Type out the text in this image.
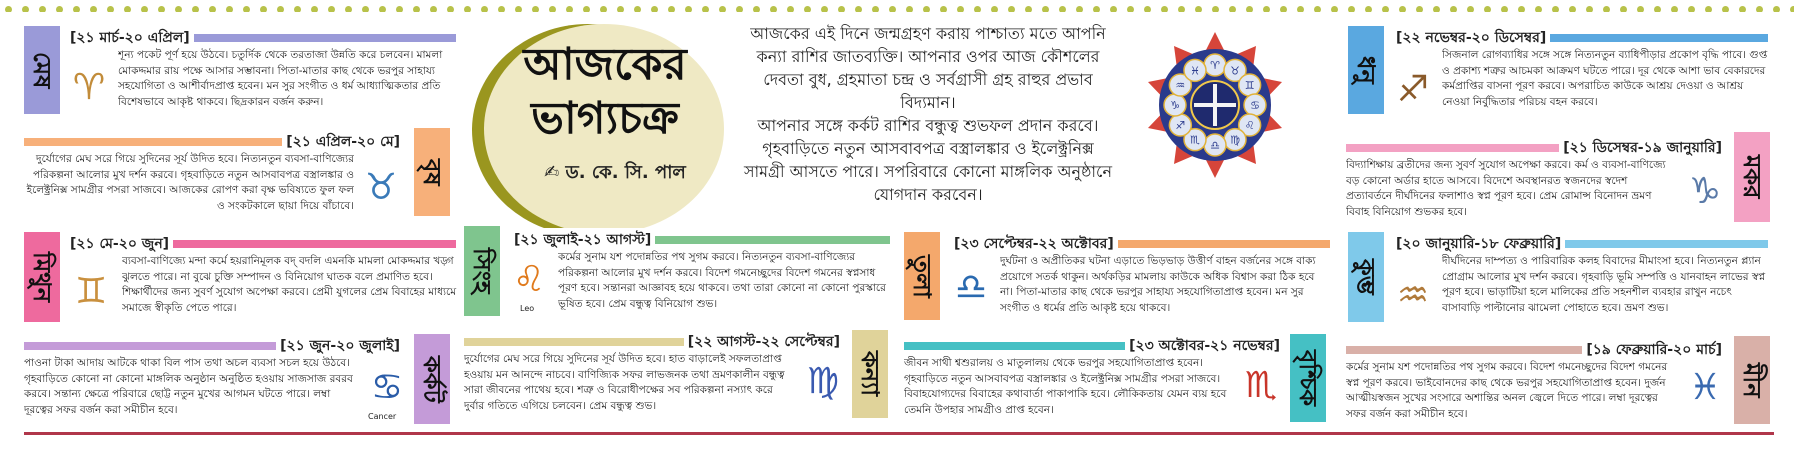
মেষ
[২১ মার্চ-২০ এপ্রিল]
♈
শূন্য পকেট পূর্ণ হয়ে উঠবে। চতুর্দিক থেকে তরতাজা উন্নতি করে চলবেন। মামলা মোকদ্দমার রায় পক্ষে আসার সম্ভাবনা। পিতা-মাতার কাছ থেকে ভরপুর সাহায্য সহযোগিতা ও আশীর্বাদপ্রাপ্ত হবেন। মন সুর সংগীত ও ধর্ম আধ্যাত্মিকতার প্রতি বিশেষভাবে আকৃষ্ট থাকবে। ছিদ্রকারন বর্জন করুন।
[২১ এপ্রিল-২০ মে]
বৃষ
♉
দুর্যোগের মেঘ সরে গিয়ে সুদিনের সূর্য উদিত হবে। নিত্যনতুন ব্যবসা-বাণিজ্যের পরিকল্পনা আলোর মুখ দর্শন করবে। গৃহবাড়িতে নতুন আসবাবপত্র বস্ত্রালঙ্কার ও ইলেক্ট্রনিক্স সামগ্রীর পসরা সাজবে। আজকের রোপণ করা বৃক্ষ ভবিষ্যতে ফুল ফল ও সংকটকালে ছায়া দিয়ে বাঁচাবে।
মিথুন
[২১ মে-২০ জুন]
♊
ব্যবসা-বাণিজ্যে মন্দা কর্মে হয়রানিমূলক বদ্ বদলি এমনকি মামলা মোকদ্দমার খড়্গ ঝুলতে পারে। না বুঝে চুক্তি সম্পাদন ও বিনিয়োগ ঘাতক বলে প্রমাণিত হবে। শিক্ষার্থীদের জন্য সুবর্ণ সুযোগ অপেক্ষা করবে। প্রেমী যুগলের প্রেম বিবাহের মাধ্যমে সমাজে স্বীকৃতি পেতে পারে।
[২১ জুন-২০ জুলাই]
কর্কট
♋
Cancer
পাওনা টাকা আদায় আটকে থাকা বিল পাস তথা অচল ব্যবসা সচল হয়ে উঠবে। গৃহবাড়িতে কোনো না কোনো মাঙ্গলিক অনুষ্ঠান অনুষ্ঠিত হওয়ায় সাজসাজ রবরব করবে। সন্তান্য ক্ষেত্রে পরিবারে ছোট্ট নতুন মুখের আগমন ঘটতে পারে। লম্বা দূরত্বের সফর বর্জন করা সমীচীন হবে।
আজকের
ভাগ্যচক্র
✍ ড. কে. সি. পাল
আজকের এই দিনে জন্মগ্রহণ করায় পাশ্চাত্য মতে আপনি কন্যা রাশির জাতব্যক্তি। আপনার ওপর আজ কৌশলের দেবতা বুধ, গ্রহমাতা চন্দ্র ও সর্বগ্রাসী গ্রহ রাহুর প্রভাব বিদ্যমান।
আপনার সঙ্গে কর্কট রাশির বন্ধুত্ব শুভফল প্রদান করবে। গৃহবাড়িতে নতুন আসবাবপত্র বস্ত্রালঙ্কার ও ইলেক্ট্রনিক্স সামগ্রী আসতে পারে। সপরিবারে কোনো মাঙ্গলিক অনুষ্ঠানে যোগদান করবেন।
♈ ♉
♊
♋
♌
♍
♎
♏
♐
♑
♒
♓
সিংহ
[২১ জুলাই-২১ আগস্ট]
♌
Leo
কর্মের সুনাম যশ পদোন্নতির পথ সুগম করবে। নিত্যনতুন ব্যবসা-বাণিজ্যের পরিকল্পনা আলোর মুখ দর্শন করবে। বিদেশ গমনেচ্ছুদের বিদেশ গমনের স্বপ্নসাধ পূরণ হবে। সন্তানরা আজ্ঞাবহ হয়ে থাকবে। তথা তারা কোনো না কোনো পুরস্কারে ভূষিত হবে। প্রেম বন্ধুত্ব বিনিয়োগ শুভ।
[২২ আগস্ট-২২ সেপ্টেম্বর]
কন্যা
♍
দুর্যোগের মেঘ সরে গিয়ে সুদিনের সূর্য উদিত হবে। হাত বাড়ালেই সফলতাপ্রাপ্ত হওয়ায় মন আনন্দে নাচবে। বাণিজ্যিক সফর লাভজনক তথা ভ্রমণকালীন বন্ধুত্ব সারা জীবনের পাথেয় হবে। শত্রু ও বিরোধীপক্ষের সব পরিকল্পনা নস্যাৎ করে দুর্বার গতিতে এগিয়ে চলবেন। প্রেম বন্ধুত্ব শুভ।
তুলা
[২৩ সেপ্টেম্বর-২২ অক্টোবর]
♎
দুর্ঘটনা ও অপ্রীতিকর ঘটনা এড়াতে ভিড়ভাড় উত্তীর্ণ বাহন বর্জনের সঙ্গে বাক্য প্রয়োগে সতর্ক থাকুন। অর্থকড়ির মামলায় কাউকে অধিক বিশ্বাস করা ঠিক হবে না। পিতা-মাতার কাছ থেকে ভরপুর সাহায্য সহযোগিতাপ্রাপ্ত হবেন। মন সুর সংগীত ও ধর্মের প্রতি আকৃষ্ট হয়ে থাকবে।
[২৩ অক্টোবর-২১ নভেম্বর]
বৃশ্চিক
♏
জীবন সাথী শ্বশুরালয় ও মাতুলালয় থেকে ভরপুর সহযোগিতাপ্রাপ্ত হবেন। গৃহবাড়িতে নতুন আসবাবপত্র বস্ত্রালঙ্কার ও ইলেক্ট্রনিক্স সামগ্রীর পসরা সাজবে। বিবাহযোগ্যদের বিবাহের কথাবার্তা পাকাপাকি হবে। লৌকিকতায় যেমন ব্যয় হবে তেমনি উপহার সামগ্রীও প্রাপ্ত হবেন।
ধনু
[২২ নভেম্বর-২০ ডিসেম্বর]
♐
সিজনাল রোগব্যাধির সঙ্গে সঙ্গে নিত্যনতুন ব্যাধিপীড়ার প্রকোপ বৃদ্ধি পাবে। গুপ্ত ও প্রকাশ্য শত্রুর আচমকা আক্রমণ ঘটতে পারে। দূর থেকে আশা ভাব বেকারদের কর্মপ্রাপ্তির বাসনা পূরণ করবে। অপরাচিত কাউকে আশ্রয় দেওয়া ও আশ্রয় নেওয়া নির্বুদ্ধিতার পরিচয় বহন করবে।
[২১ ডিসেম্বর-১৯ জানুয়ারি]
মকর
♑
বিদ্যাশিক্ষায় ব্রতীদের জন্য সুবর্ণ সুযোগ অপেক্ষা করবে। কর্ম ও ব্যবসা-বাণিজ্যে বড় কোনো অর্ডার হাতে আসবে। বিদেশে অবস্থানরত স্বজনদের স্বদেশ প্রত্যাবর্তনে দীর্ঘদিনের ফলাশাও স্বপ্ন পূরণ হবে। প্রেম রোমান্স বিনোদন ভ্রমণ বিবাহ বিনিয়োগ শুভকর হবে।
কুম্ভ
[২০ জানুয়ারি-১৮ ফেব্রুয়ারি]
♒
দীর্ঘদিনের দাম্পত্য ও পারিবারিক কলহ বিবাদের মীমাংসা হবে। নিত্যনতুন প্ল্যান প্রোগ্রাম আলোর মুখ দর্শন করবে। গৃহবাড়ি ভূমি সম্পত্তি ও যানবাহন লাভের স্বপ্ন পূরণ হবে। ভাড়াটিয়া হলে মালিকের প্রতি সহনশীল ব্যবহার রাখুন নচেৎ বাসাবাড়ি পাল্টানোর ঝামেলা পোহাতে হবে। ভ্রমণ শুভ।
[১৯ ফেব্রুয়ারি-২০ মার্চ]
মীন
♓
কর্মের সুনাম যশ পদোন্নতির পথ সুগম করবে। বিদেশ গমনেচ্ছুদের বিদেশ গমনের স্বপ্ন পূরণ করবে। ভাইবোনদের কাছ থেকে ভরপুর সহযোগিতাপ্রাপ্ত হবেন। দুর্জন আত্মীয়স্বজন সুখের সংসারে অশান্তির অনল জ্বেলে দিতে পারে। লম্বা দূরত্বের সফর বর্জন করা সমীচীন হবে।
